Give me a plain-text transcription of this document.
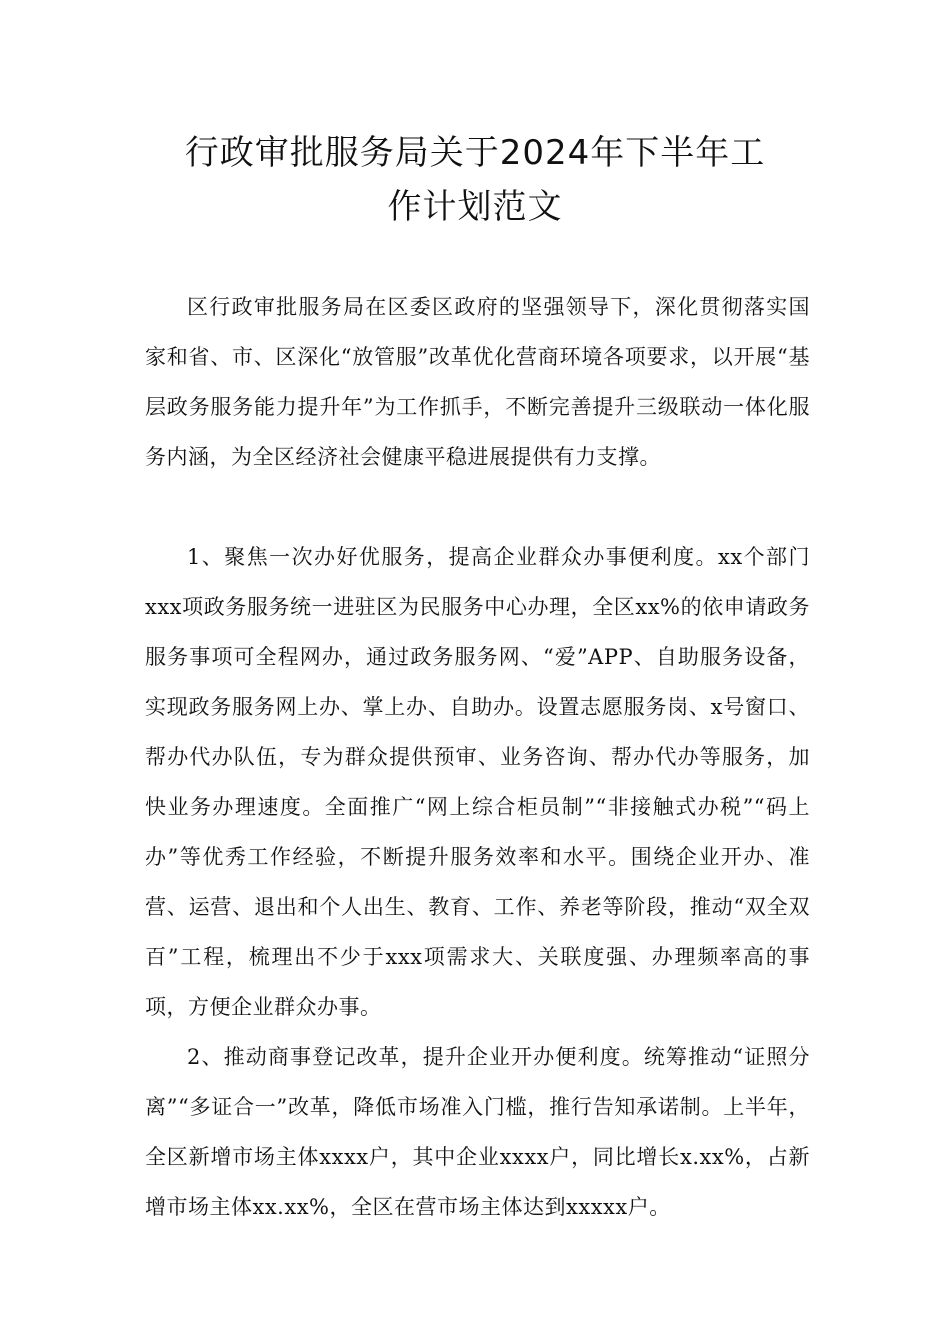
行政审批服务局关于2024年下半年工
作计划范文

区行政审批服务局在区委区政府的坚强领导下，深化贯彻落实国家和省、市、区深化“放管服”改革优化营商环境各项要求，以开展“基层政务服务能力提升年”为工作抓手，不断完善提升三级联动一体化服务内涵，为全区经济社会健康平稳进展提供有力支撑。

1、聚焦一次办好优服务，提高企业群众办事便利度。xx个部门xxx项政务服务统一进驻区为民服务中心办理，全区xx%的依申请政务服务事项可全程网办，通过政务服务网、“爱”APP、自助服务设备，实现政务服务网上办、掌上办、自助办。设置志愿服务岗、x号窗口、帮办代办队伍，专为群众提供预审、业务咨询、帮办代办等服务，加快业务办理速度。全面推广“网上综合柜员制”“非接触式办税”“码上办”等优秀工作经验，不断提升服务效率和水平。围绕企业开办、准营、运营、退出和个人出生、教育、工作、养老等阶段，推动“双全双百”工程，梳理出不少于xxx项需求大、关联度强、办理频率高的事项，方便企业群众办事。

2、推动商事登记改革，提升企业开办便利度。统筹推动“证照分离”“多证合一”改革，降低市场准入门槛，推行告知承诺制。上半年，全区新增市场主体xxxx户，其中企业xxxx户，同比增长x.xx%，占新增市场主体xx.xx%，全区在营市场主体达到xxxxx户。
